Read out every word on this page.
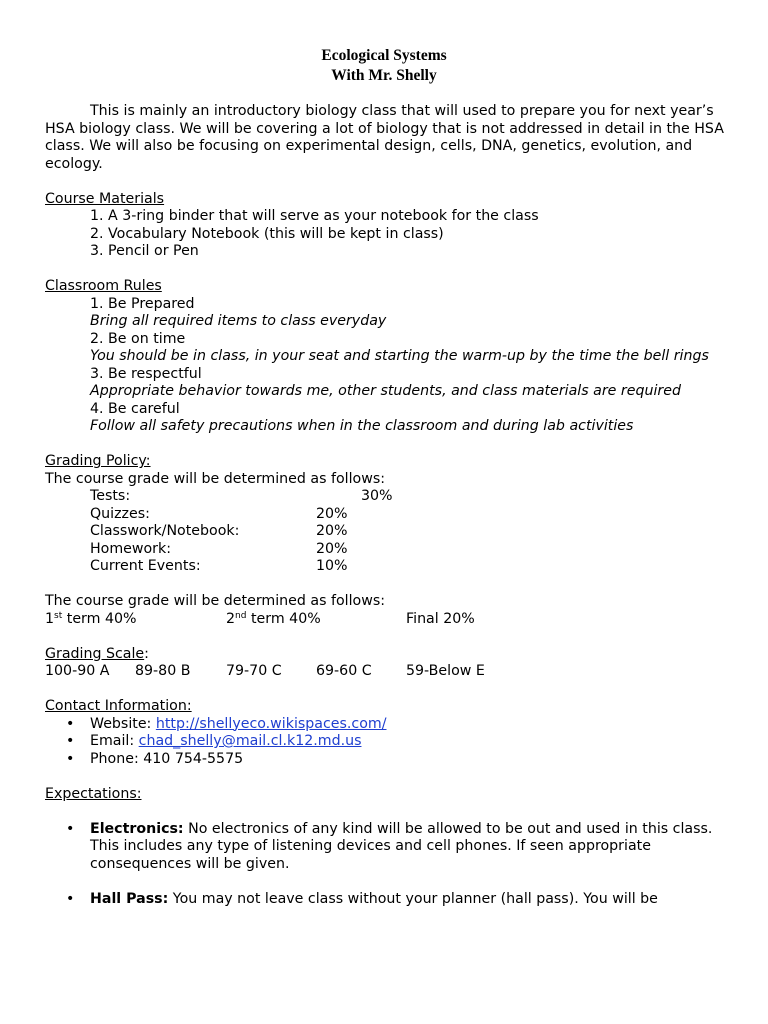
Ecological Systems
With Mr. Shelly

This is mainly an introductory biology class that will used to prepare you for next year’s HSA biology class. We will be covering a lot of biology that is not addressed in detail in the HSA class. We will also be focusing on experimental design, cells, DNA, genetics, evolution, and ecology.

Course Materials
1. A 3-ring binder that will serve as your notebook for the class
2. Vocabulary Notebook (this will be kept in class)
3. Pencil or Pen
Classroom Rules
1. Be Prepared
Bring all required items to class everyday
2. Be on time
You should be in class, in your seat and starting the warm-up by the time the bell rings
3. Be respectful
Appropriate behavior towards me, other students, and class materials are required
4. Be careful
Follow all safety precautions when in the classroom and during lab activities
Grading Policy:
The course grade will be determined as follows:
Tests:	30%
Quizzes:	20%
Classwork/Notebook:	20%
Homework:	20%
Current Events:	10%
The course grade will be determined as follows:
1st term 40%	2nd term 40%	Final 20%
Grading Scale:
100-90 A 89-80 B	79-70 C 69-60 C 59-Below E
Contact Information:
• Website: http://shellyeco.wikispaces.com/
• Email: chad_shelly@mail.cl.k12.md.us
• Phone: 410 754-5575
Expectations:
• Electronics: No electronics of any kind will be allowed to be out and used in this class. This includes any type of listening devices and cell phones. If seen appropriate consequences will be given.
• Hall Pass: You may not leave class without your planner (hall pass). You will be
